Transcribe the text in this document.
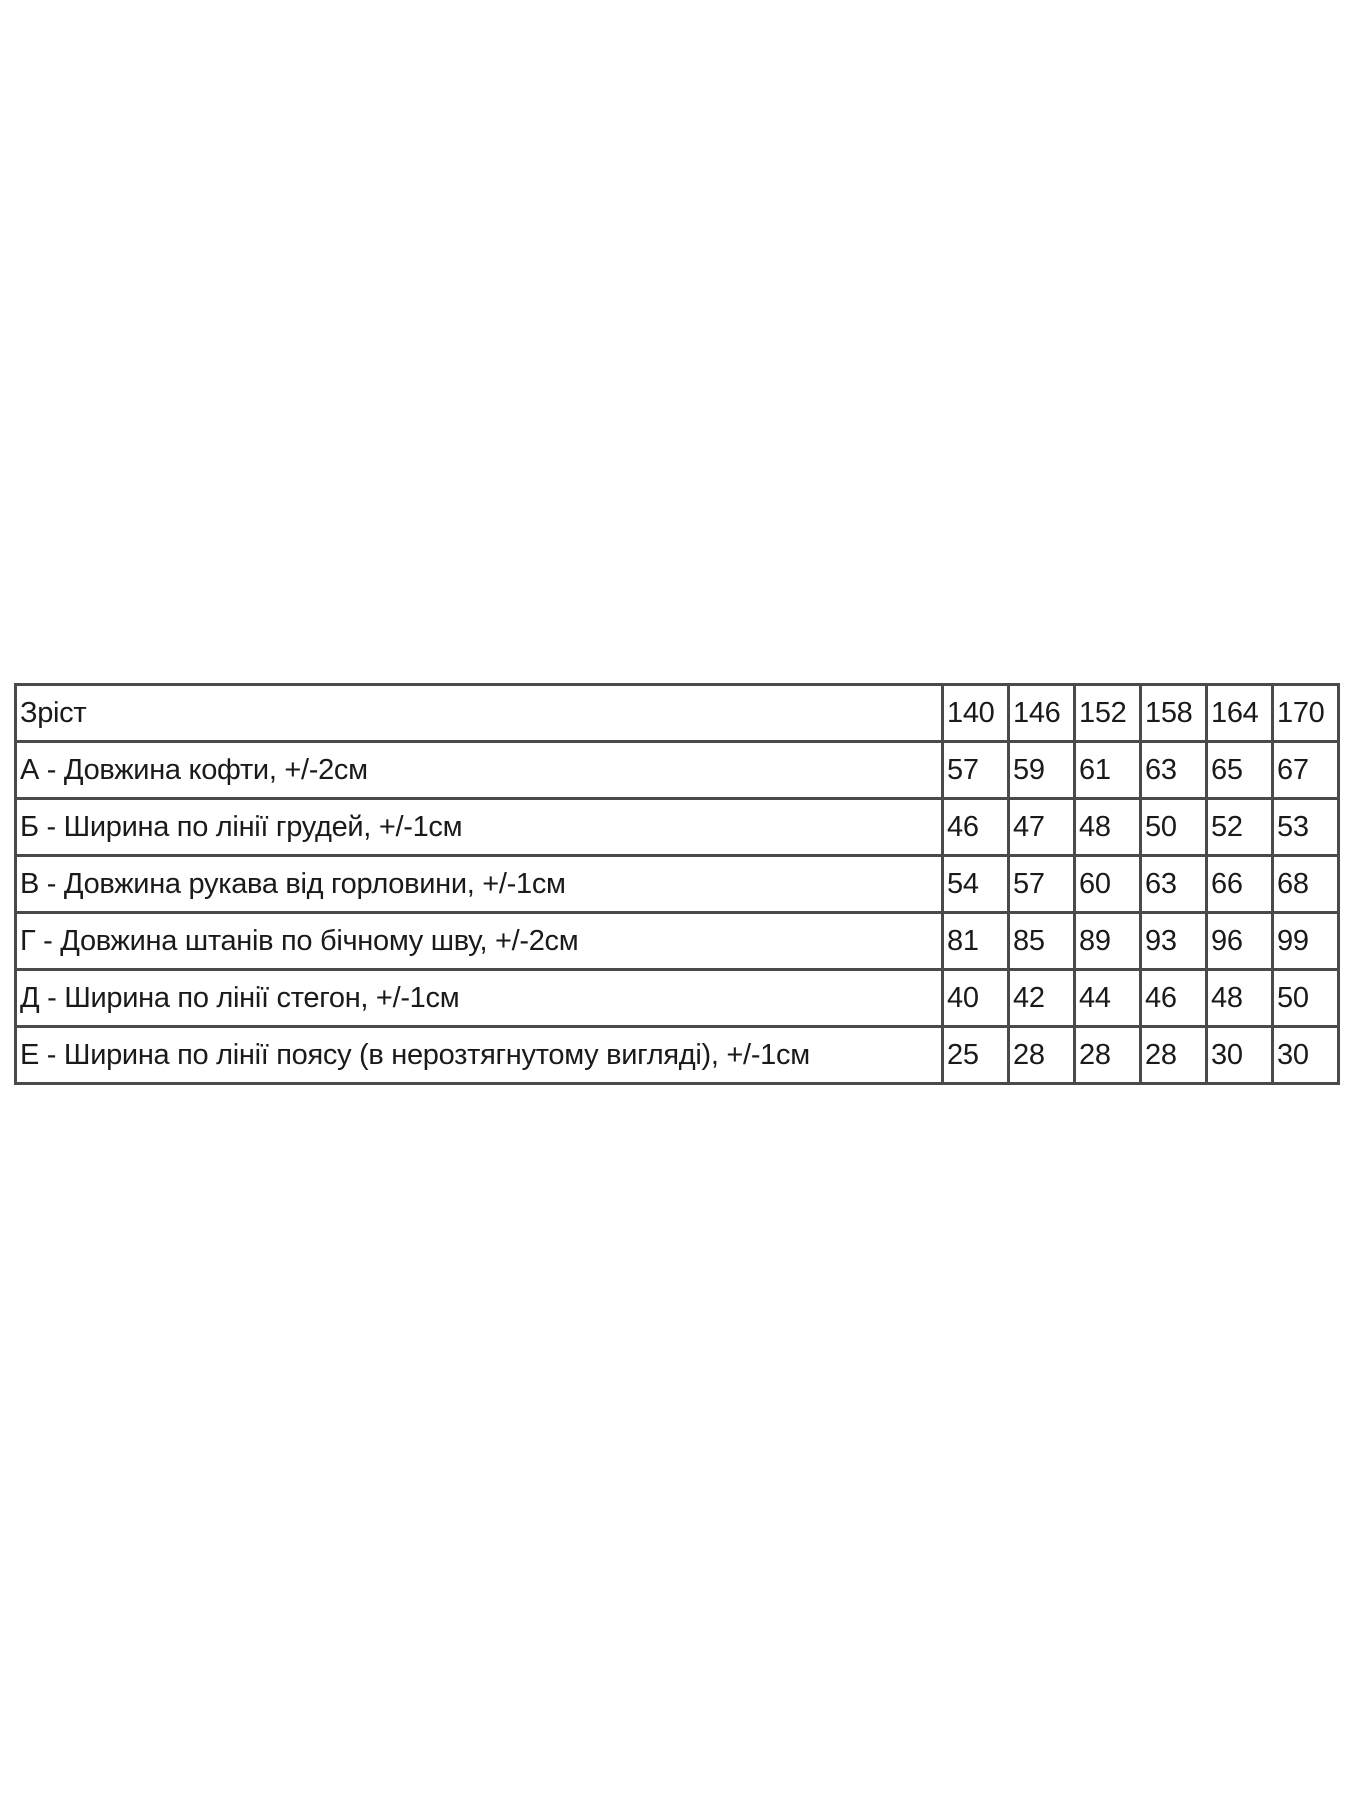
Зріст	140	146	152	158	164	170
А - Довжина кофти, +/-2см	57	59	61	63	65	67
Б - Ширина по лінії грудей, +/-1см	46	47	48	50	52	53
В - Довжина рукава від горловини, +/-1см	54	57	60	63	66	68
Г - Довжина штанів по бічному шву, +/-2см	81	85	89	93	96	99
Д - Ширина по лінії стегон, +/-1см	40	42	44	46	48	50
Е - Ширина по лінії поясу (в нерозтягнутому вигляді), +/-1см	25	28	28	28	30	30
